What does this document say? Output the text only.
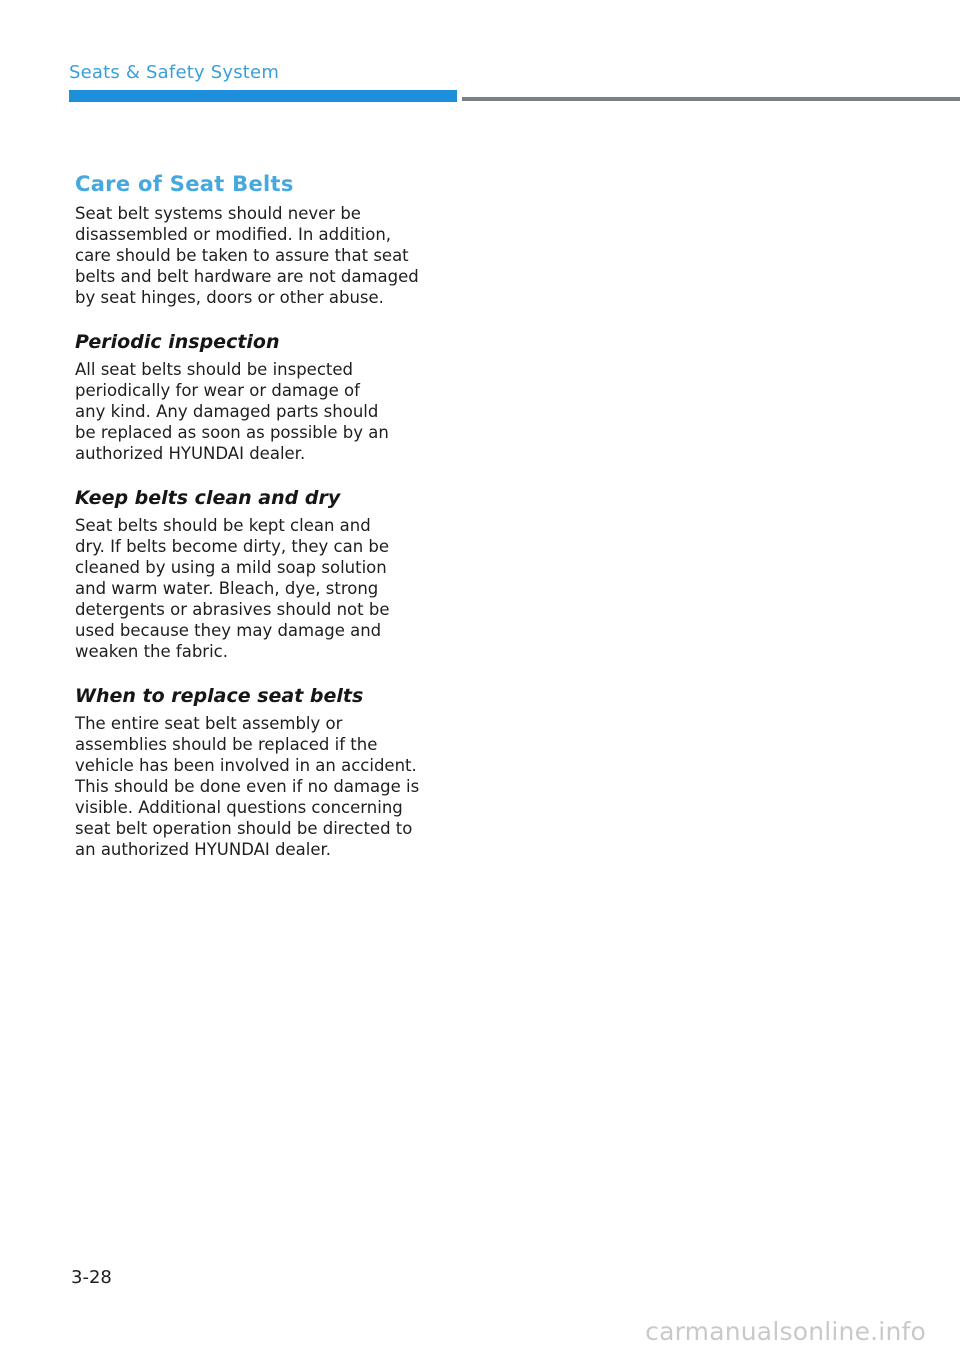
Seats & Safety System
Care of Seat Belts

Seat belt systems should never be
disassembled or modified. In addition,
care should be taken to assure that seat
belts and belt hardware are not damaged
by seat hinges, doors or other abuse.

Periodic inspection

All seat belts should be inspected
periodically for wear or damage of
any kind. Any damaged parts should
be replaced as soon as possible by an
authorized HYUNDAI dealer.

Keep belts clean and dry

Seat belts should be kept clean and
dry. If belts become dirty, they can be
cleaned by using a mild soap solution
and warm water. Bleach, dye, strong
detergents or abrasives should not be
used because they may damage and
weaken the fabric.

When to replace seat belts

The entire seat belt assembly or
assemblies should be replaced if the
vehicle has been involved in an accident.
This should be done even if no damage is
visible. Additional questions concerning
seat belt operation should be directed to
an authorized HYUNDAI dealer.

3-28
carmanualsonline.info
